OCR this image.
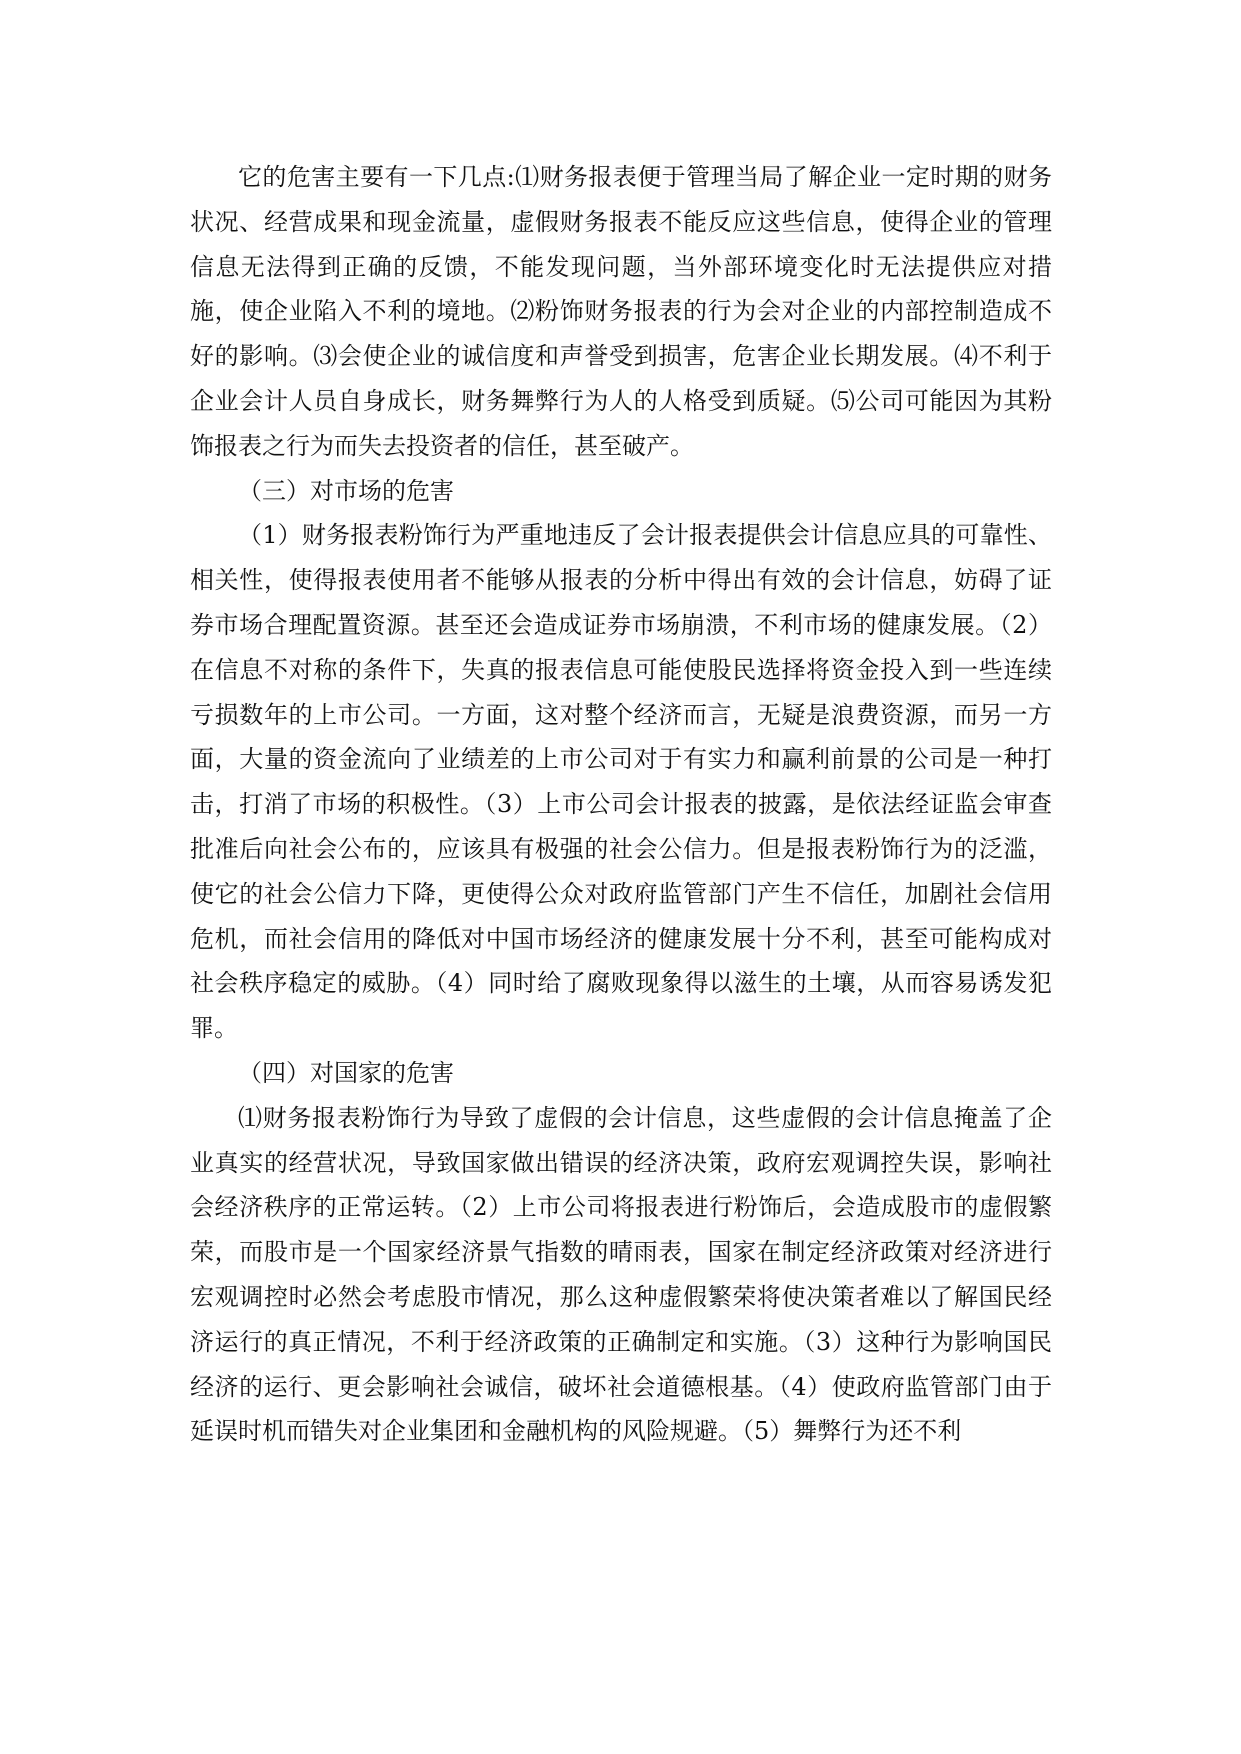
它的危害主要有一下几点:⑴财务报表便于管理当局了解企业一定时期的财务状况、经营成果和现金流量，虚假财务报表不能反应这些信息，使得企业的管理信息无法得到正确的反馈，不能发现问题，当外部环境变化时无法提供应对措施，使企业陷入不利的境地。⑵粉饰财务报表的行为会对企业的内部控制造成不好的影响。⑶会使企业的诚信度和声誉受到损害，危害企业长期发展。⑷不利于企业会计人员自身成长，财务舞弊行为人的人格受到质疑。⑸公司可能因为其粉饰报表之行为而失去投资者的信任，甚至破产。

（三）对市场的危害

（1）财务报表粉饰行为严重地违反了会计报表提供会计信息应具的可靠性、相关性，使得报表使用者不能够从报表的分析中得出有效的会计信息，妨碍了证券市场合理配置资源。甚至还会造成证券市场崩溃，不利市场的健康发展。（2）在信息不对称的条件下，失真的报表信息可能使股民选择将资金投入到一些连续亏损数年的上市公司。一方面，这对整个经济而言，无疑是浪费资源，而另一方面，大量的资金流向了业绩差的上市公司对于有实力和赢利前景的公司是一种打击，打消了市场的积极性。（3）上市公司会计报表的披露，是依法经证监会审查批准后向社会公布的，应该具有极强的社会公信力。但是报表粉饰行为的泛滥，使它的社会公信力下降，更使得公众对政府监管部门产生不信任，加剧社会信用危机，而社会信用的降低对中国市场经济的健康发展十分不利，甚至可能构成对社会秩序稳定的威胁。（4）同时给了腐败现象得以滋生的土壤，从而容易诱发犯罪。

（四）对国家的危害

⑴财务报表粉饰行为导致了虚假的会计信息，这些虚假的会计信息掩盖了企业真实的经营状况，导致国家做出错误的经济决策，政府宏观调控失误，影响社会经济秩序的正常运转。（2）上市公司将报表进行粉饰后，会造成股市的虚假繁荣，而股市是一个国家经济景气指数的晴雨表，国家在制定经济政策对经济进行宏观调控时必然会考虑股市情况，那么这种虚假繁荣将使决策者难以了解国民经济运行的真正情况，不利于经济政策的正确制定和实施。（3）这种行为影响国民经济的运行、更会影响社会诚信，破坏社会道德根基。（4）使政府监管部门由于延误时机而错失对企业集团和金融机构的风险规避。（5）舞弊行为还不利
